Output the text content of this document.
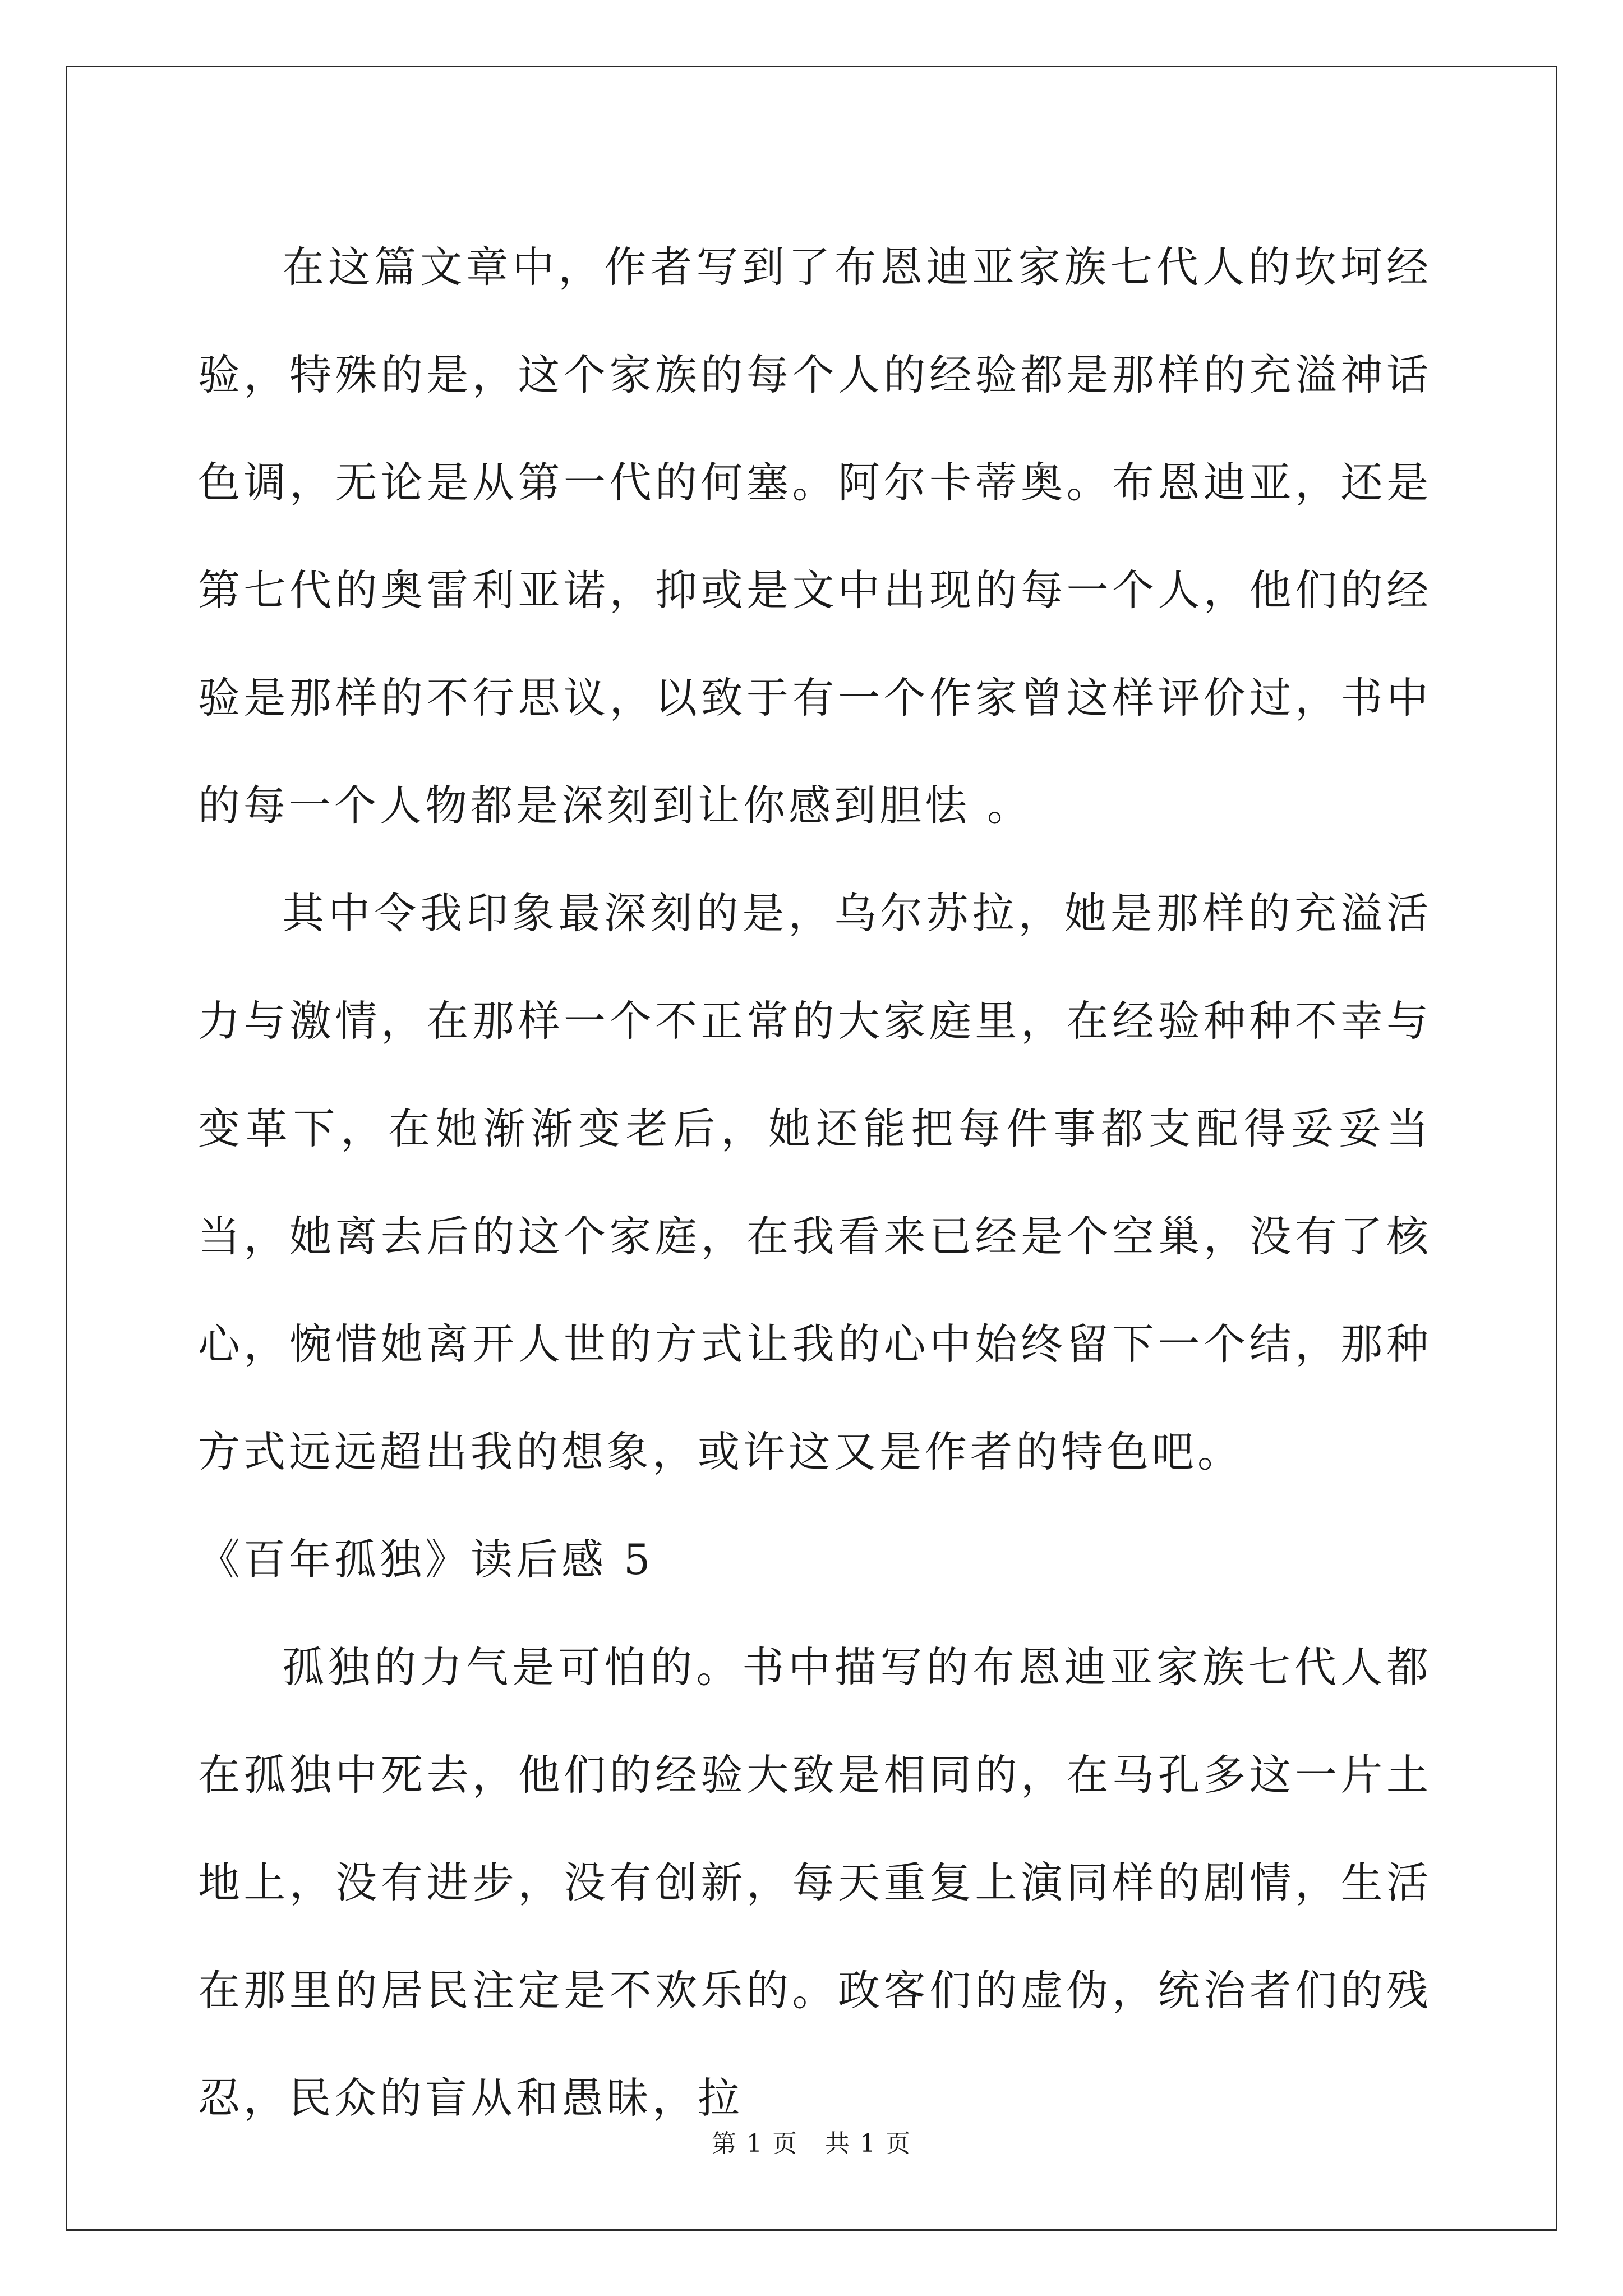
在这篇文章中，作者写到了布恩迪亚家族七代人的坎坷经验，特殊的是，这个家族的每个人的经验都是那样的充溢神话色调，无论是从第一代的何塞。阿尔卡蒂奥。布恩迪亚，还是第七代的奥雷利亚诺，抑或是文中出现的每一个人，他们的经验是那样的不行思议，以致于有一个作家曾这样评价过，书中的每一个人物都是深刻到让你感到胆怯 。

其中令我印象最深刻的是，乌尔苏拉，她是那样的充溢活力与激情，在那样一个不正常的大家庭里，在经验种种不幸与变革下，在她渐渐变老后，她还能把每件事都支配得妥妥当当，她离去后的这个家庭，在我看来已经是个空巢，没有了核心，惋惜她离开人世的方式让我的心中始终留下一个结，那种方式远远超出我的想象，或许这又是作者的特色吧。

《百年孤独》读后感 5

孤独的力气是可怕的。书中描写的布恩迪亚家族七代人都在孤独中死去，他们的经验大致是相同的，在马孔多这一片土地上，没有进步，没有创新，每天重复上演同样的剧情，生活在那里的居民注定是不欢乐的。政客们的虚伪，统治者们的残忍，民众的盲从和愚昧，拉

第 1 页   共 1 页
